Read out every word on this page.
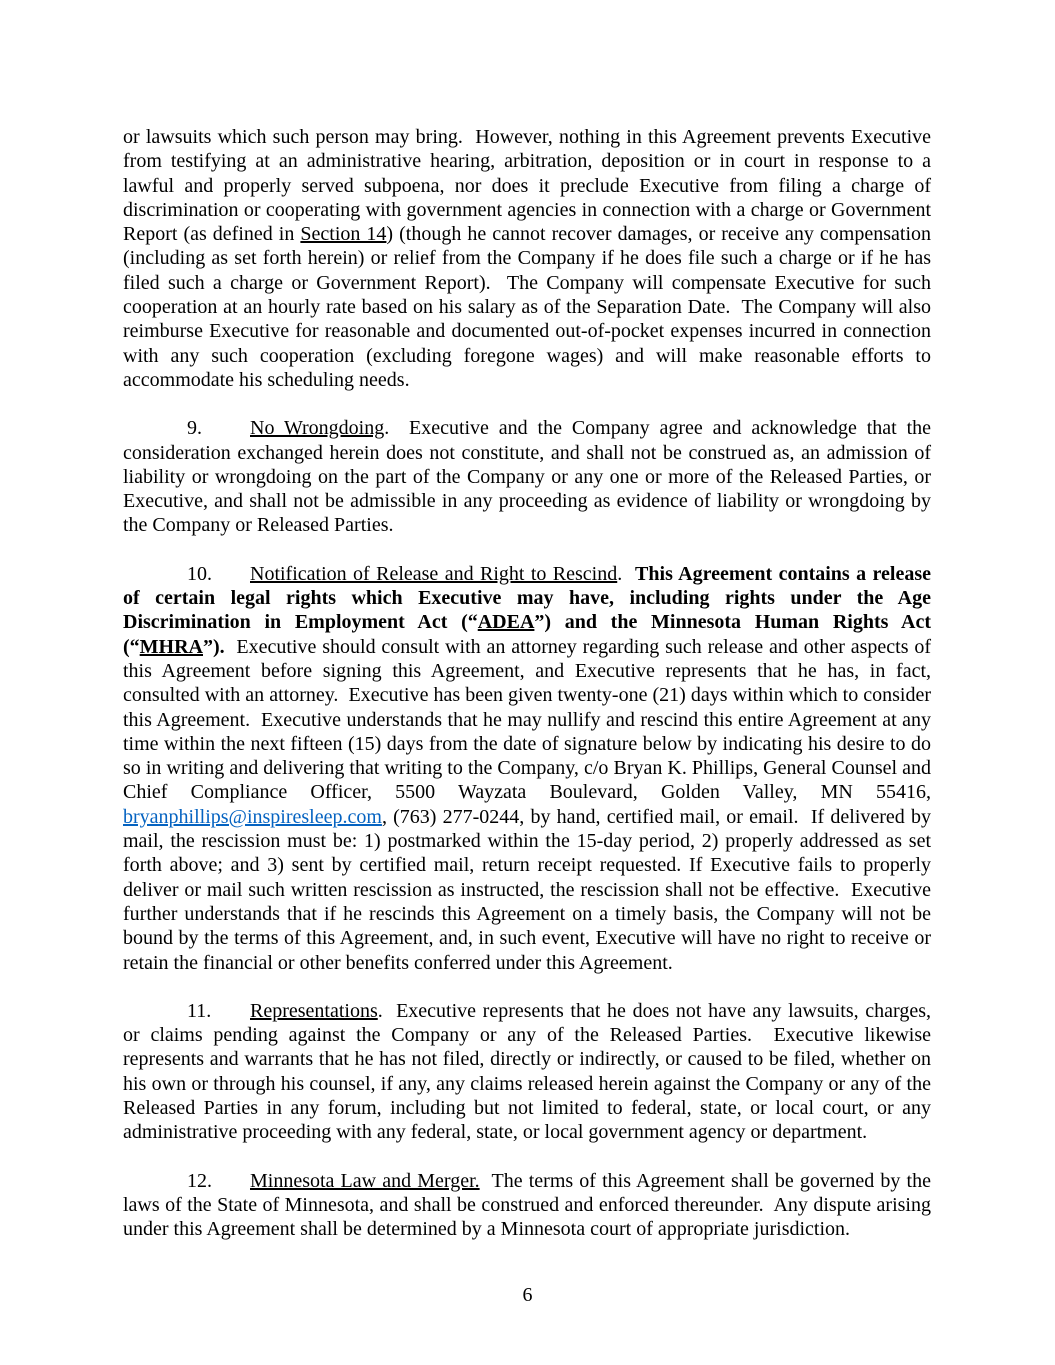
or lawsuits which such person may bring.  However, nothing in this Agreement prevents Executive from testifying at an administrative hearing, arbitration, deposition or in court in response to a lawful and properly served subpoena, nor does it preclude Executive from filing a charge of discrimination or cooperating with government agencies in connection with a charge or Government Report (as defined in Section 14) (though he cannot recover damages, or receive any compensation (including as set forth herein) or relief from the Company if he does file such a charge or if he has filed such a charge or Government Report).  The Company will compensate Executive for such cooperation at an hourly rate based on his salary as of the Separation Date.  The Company will also reimburse Executive for reasonable and documented out-of-pocket expenses incurred in connection with any such cooperation (excluding foregone wages) and will make reasonable efforts to accommodate his scheduling needs.

9. No Wrongdoing.  Executive and the Company agree and acknowledge that the consideration exchanged herein does not constitute, and shall not be construed as, an admission of liability or wrongdoing on the part of the Company or any one or more of the Released Parties, or Executive, and shall not be admissible in any proceeding as evidence of liability or wrongdoing by the Company or Released Parties.

10. Notification of Release and Right to Rescind.  This Agreement contains a release of certain legal rights which Executive may have, including rights under the Age Discrimination in Employment Act (“ADEA”) and the Minnesota Human Rights Act (“MHRA”).  Executive should consult with an attorney regarding such release and other aspects of this Agreement before signing this Agreement, and Executive represents that he has, in fact, consulted with an attorney.  Executive has been given twenty-one (21) days within which to consider this Agreement.  Executive understands that he may nullify and rescind this entire Agreement at any time within the next fifteen (15) days from the date of signature below by indicating his desire to do so in writing and delivering that writing to the Company, c/o Bryan K. Phillips, General Counsel and Chief Compliance Officer, 5500 Wayzata Boulevard, Golden Valley, MN 55416, bryanphillips@inspiresleep.com, (763) 277-0244, by hand, certified mail, or email.  If delivered by mail, the rescission must be: 1) postmarked within the 15-day period, 2) properly addressed as set forth above; and 3) sent by certified mail, return receipt requested. If Executive fails to properly deliver or mail such written rescission as instructed, the rescission shall not be effective.  Executive further understands that if he rescinds this Agreement on a timely basis, the Company will not be bound by the terms of this Agreement, and, in such event, Executive will have no right to receive or retain the financial or other benefits conferred under this Agreement.

11. Representations.  Executive represents that he does not have any lawsuits, charges, or claims pending against the Company or any of the Released Parties.  Executive likewise represents and warrants that he has not filed, directly or indirectly, or caused to be filed, whether on his own or through his counsel, if any, any claims released herein against the Company or any of the Released Parties in any forum, including but not limited to federal, state, or local court, or any administrative proceeding with any federal, state, or local government agency or department.

12. Minnesota Law and Merger.  The terms of this Agreement shall be governed by the laws of the State of Minnesota, and shall be construed and enforced thereunder.  Any dispute arising under this Agreement shall be determined by a Minnesota court of appropriate jurisdiction.

6
